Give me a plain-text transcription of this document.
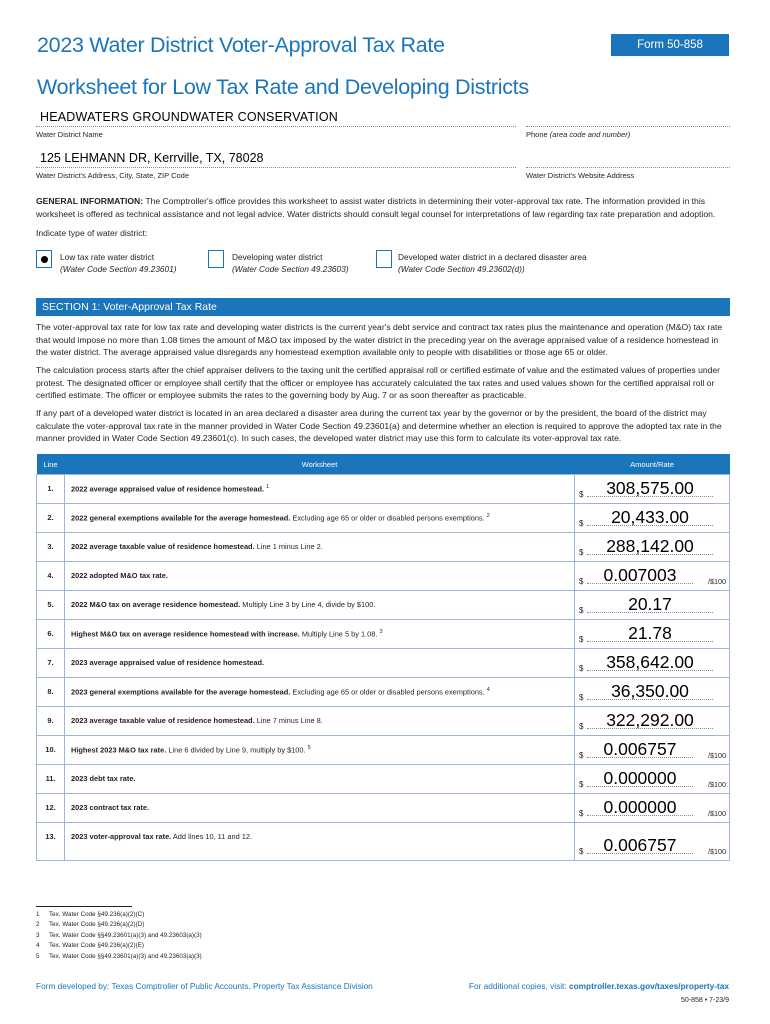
2023 Water District Voter-Approval Tax Rate	Form 50-858
Worksheet for Low Tax Rate and Developing Districts
HEADWATERS GROUNDWATER CONSERVATION
Water District Name	Phone (area code and number)
125 LEHMANN DR, Kerrville, TX, 78028
Water District's Address, City, State, ZIP Code	Water District's Website Address
GENERAL INFORMATION: The Comptroller's office provides this worksheet to assist water districts in determining their voter-approval tax rate. The information provided in this worksheet is offered as technical assistance and not legal advice. Water districts should consult legal counsel for interpretations of law regarding tax rate preparation and adoption.
Indicate type of water district:
Low tax rate water district
(Water Code Section 49.23601)
Developing water district
(Water Code Section 49.23603)
Developed water district in a declared disaster area
(Water Code Section 49.23602(d))
SECTION 1: Voter-Approval Tax Rate
The voter-approval tax rate for low tax rate and developing water districts is the current year's debt service and contract tax rates plus the maintenance and operation (M&O) tax rate that would impose no more than 1.08 times the amount of M&O tax imposed by the water district in the preceding year on the average appraised value of a residence homestead in the water district. The average appraised value disregards any homestead exemption available only to people with disabilities or those age 65 or older.
The calculation process starts after the chief appraiser delivers to the taxing unit the certified appraisal roll or certified estimate of value and the estimated values of properties under protest. The designated officer or employee shall certify that the officer or employee has accurately calculated the tax rates and used values shown for the certified appraisal roll or certified estimate. The officer or employee submits the rates to the governing body by Aug. 7 or as soon thereafter as practicable.
If any part of a developed water district is located in an area declared a disaster area during the current tax year by the governor or by the president, the board of the district may calculate the voter-approval tax rate in the manner provided in Water Code Section 49.23601(a) and determine whether an election is required to approve the adopted tax rate in the manner provided in Water Code Section 49.23601(c). In such cases, the developed water district may use this form to calculate its voter-approval tax rate.
Line	Worksheet	Amount/Rate
1.	2022 average appraised value of residence homestead. $^1$	$ 308,575.00

2.	2022 general exemptions available for the average homestead. Excluding age 65 or older or disabled persons exemptions. $^2$	$ 20,433.00

3.	2022 average taxable value of residence homestead. Line 1 minus Line 2.	$ 288,142.00

4.	2022 adopted M&O tax rate.	$ 0.007003 /$100

5.	2022 M&O tax on average residence homestead. Multiply Line 3 by Line 4, divide by $100.	$ 20.17

6.	Highest M&O tax on average residence homestead with increase. Multiply Line 5 by 1.08. $^3$	$ 21.78

7.	2023 average appraised value of residence homestead.	$ 358,642.00

8.	2023 general exemptions available for the average homestead. Excluding age 65 or older or disabled persons exemptions. $^4$	$ 36,350.00

9.	2023 average taxable value of residence homestead. Line 7 minus Line 8.	$ 322,292.00

10.	Highest 2023 M&O tax rate. Line 6 divided by Line 9, multiply by $100. $^5$	$ 0.006757 /$100

11.	2023 debt tax rate.	$ 0.000000 /$100

12.	2023 contract tax rate.	$ 0.000000 /$100

13.	2023 voter-approval tax rate. Add lines 10, 11 and 12.	$ 0.006757 /$100
1 Tex. Water Code §49.236(a)(2)(C)
2 Tex. Water Code §49.236(a)(2)(D)
3 Tex. Water Code §§49.23601(a)(3) and 49.23603(a)(3)
4 Tex. Water Code §49.236(a)(2)(E)
5 Tex. Water Code §§49.23601(a)(3) and 49.23603(a)(3)
Form developed by: Texas Comptroller of Public Accounts, Property Tax Assistance Division	For additional copies, visit: comptroller.texas.gov/taxes/property-tax
50-858 • 7-23/9
